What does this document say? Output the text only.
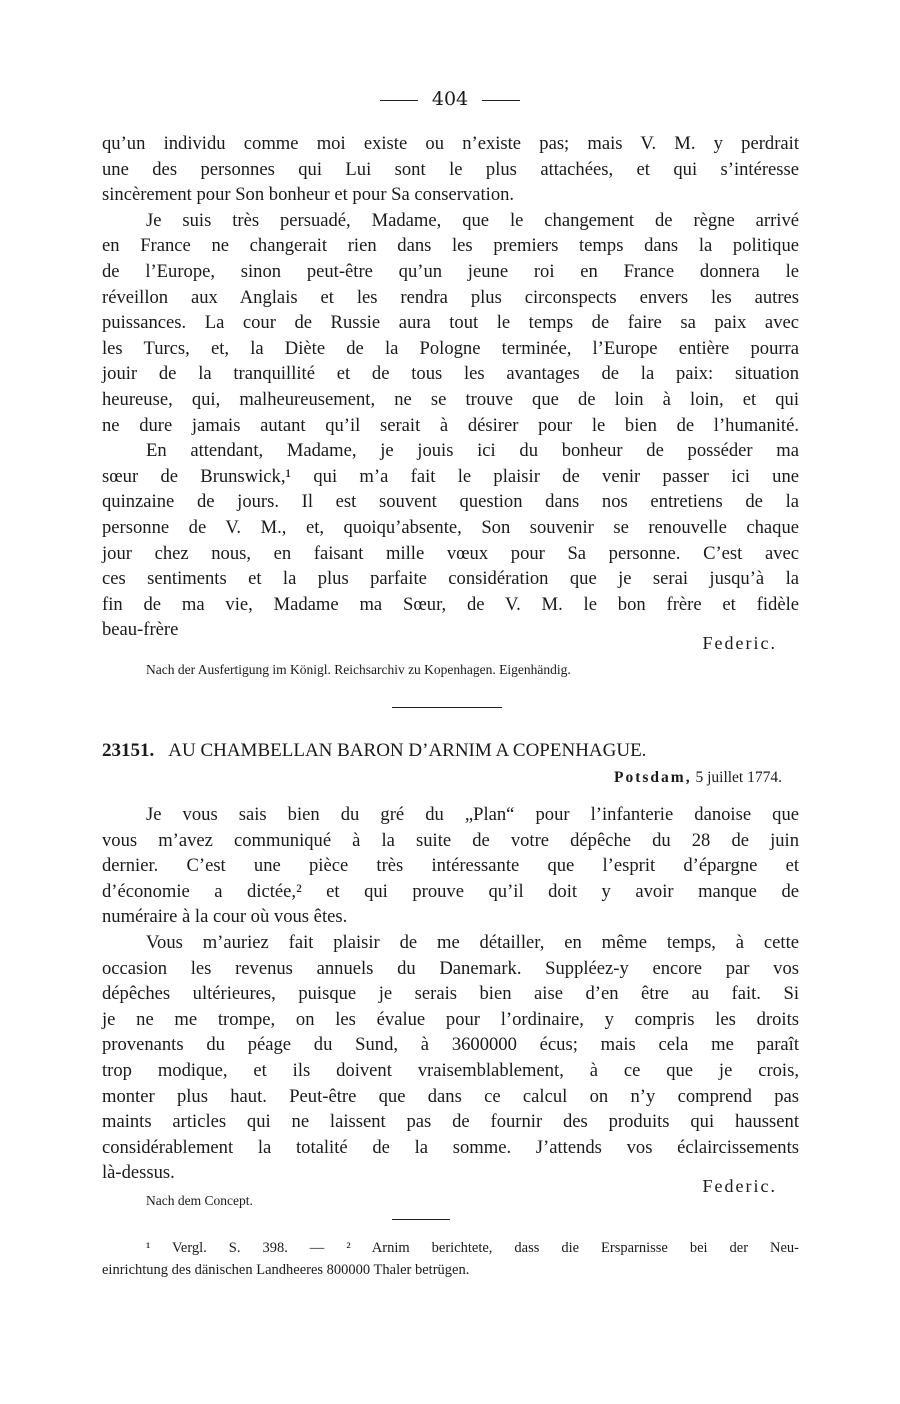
404
qu’un individu comme moi existe ou n’existe pas; mais V. M. y perdrait
une des personnes qui Lui sont le plus attachées, et qui s’intéresse
sincèrement pour Son bonheur et pour Sa conservation.
Je suis très persuadé, Madame, que le changement de règne arrivé
en France ne changerait rien dans les premiers temps dans la politique
de l’Europe, sinon peut-être qu’un jeune roi en France donnera le
réveillon aux Anglais et les rendra plus circonspects envers les autres
puissances. La cour de Russie aura tout le temps de faire sa paix avec
les Turcs, et, la Diète de la Pologne terminée, l’Europe entière pourra
jouir de la tranquillité et de tous les avantages de la paix: situation
heureuse, qui, malheureusement, ne se trouve que de loin à loin, et qui
ne dure jamais autant qu’il serait à désirer pour le bien de l’humanité.
En attendant, Madame, je jouis ici du bonheur de posséder ma
sœur de Brunswick,¹ qui m’a fait le plaisir de venir passer ici une
quinzaine de jours. Il est souvent question dans nos entretiens de la
personne de V. M., et, quoiqu’absente, Son souvenir se renouvelle chaque
jour chez nous, en faisant mille vœux pour Sa personne. C’est avec
ces sentiments et la plus parfaite considération que je serai jusqu’à la
fin de ma vie, Madame ma Sœur, de V. M. le bon frère et fidèle
beau-frère
Federic.
Nach der Ausfertigung im Königl. Reichsarchiv zu Kopenhagen. Eigenhändig.
23151. AU CHAMBELLAN BARON D’ARNIM A COPENHAGUE.
Potsdam, 5 juillet 1774.
Je vous sais bien du gré du „Plan“ pour l’infanterie danoise que
vous m’avez communiqué à la suite de votre dépêche du 28 de juin
dernier. C’est une pièce très intéressante que l’esprit d’épargne et
d’économie a dictée,² et qui prouve qu’il doit y avoir manque de
numéraire à la cour où vous êtes.
Vous m’auriez fait plaisir de me détailler, en même temps, à cette
occasion les revenus annuels du Danemark. Suppléez-y encore par vos
dépêches ultérieures, puisque je serais bien aise d’en être au fait. Si
je ne me trompe, on les évalue pour l’ordinaire, y compris les droits
provenants du péage du Sund, à 3600000 écus; mais cela me paraît
trop modique, et ils doivent vraisemblablement, à ce que je crois,
monter plus haut. Peut-être que dans ce calcul on n’y comprend pas
maints articles qui ne laissent pas de fournir des produits qui haussent
considérablement la totalité de la somme. J’attends vos éclaircissements
là-dessus.
Federic.
Nach dem Concept.
¹ Vergl. S. 398. — ² Arnim berichtete, dass die Ersparnisse bei der Neu-
einrichtung des dänischen Landheeres 800000 Thaler betrügen.
